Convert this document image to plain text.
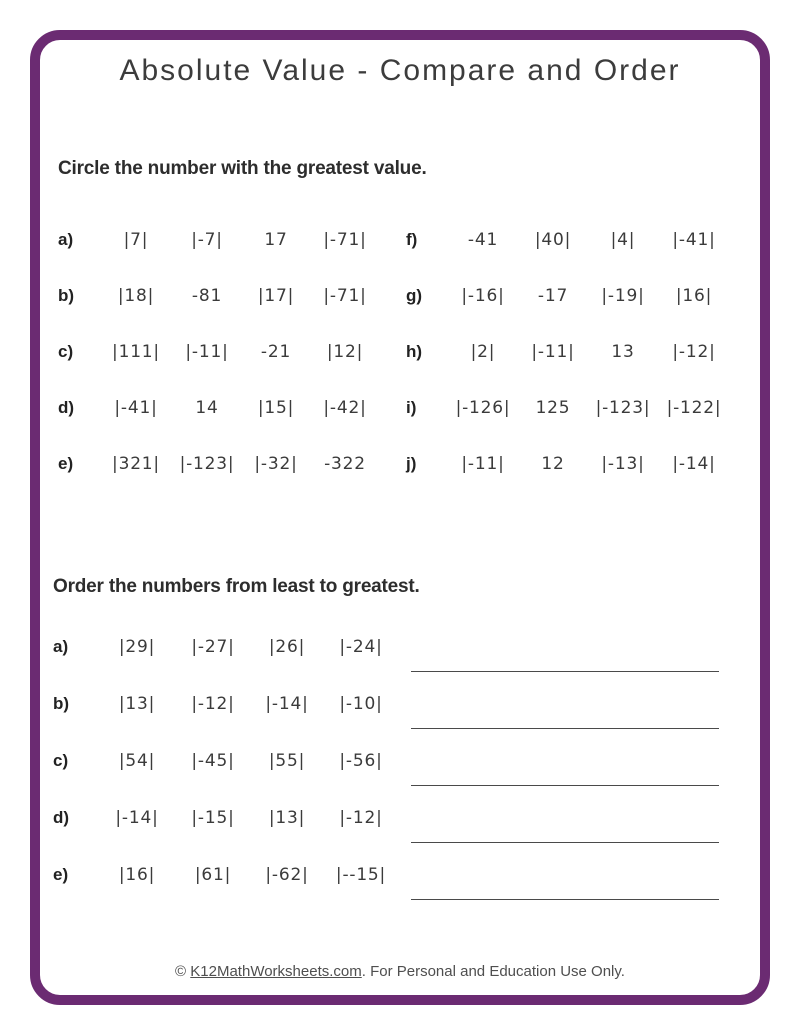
Absolute Value - Compare and Order
Circle the number with the greatest value.
a)	|7|	|-7|	17	|-71|	f)	-41	|40|	|4|	|-41|
b)	|18|	-81	|17|	|-71|	g)	|-16|	-17	|-19|	|16|
c)	|111|	|-11|	-21	|12|	h)	|2|	|-11|	13	|-12|
d)	|-41|	14	|15|	|-42|	i)	|-126|	125	|-123| |-122|
e)	|321|	|-123|	|-32|	-322	j)	|-11|	12	|-13|	|-14|
Order the numbers from least to greatest.
a)	|29|	|-27|	|26|	|-24|
b)	|13|	|-12|	|-14|	|-10|
c)	|54|	|-45|	|55|	|-56|
d)	|-14|	|-15|	|13|	|-12|
e)	|16|	|61|	|-62|	|--15|
© K12MathWorksheets.com. For Personal and Education Use Only.
